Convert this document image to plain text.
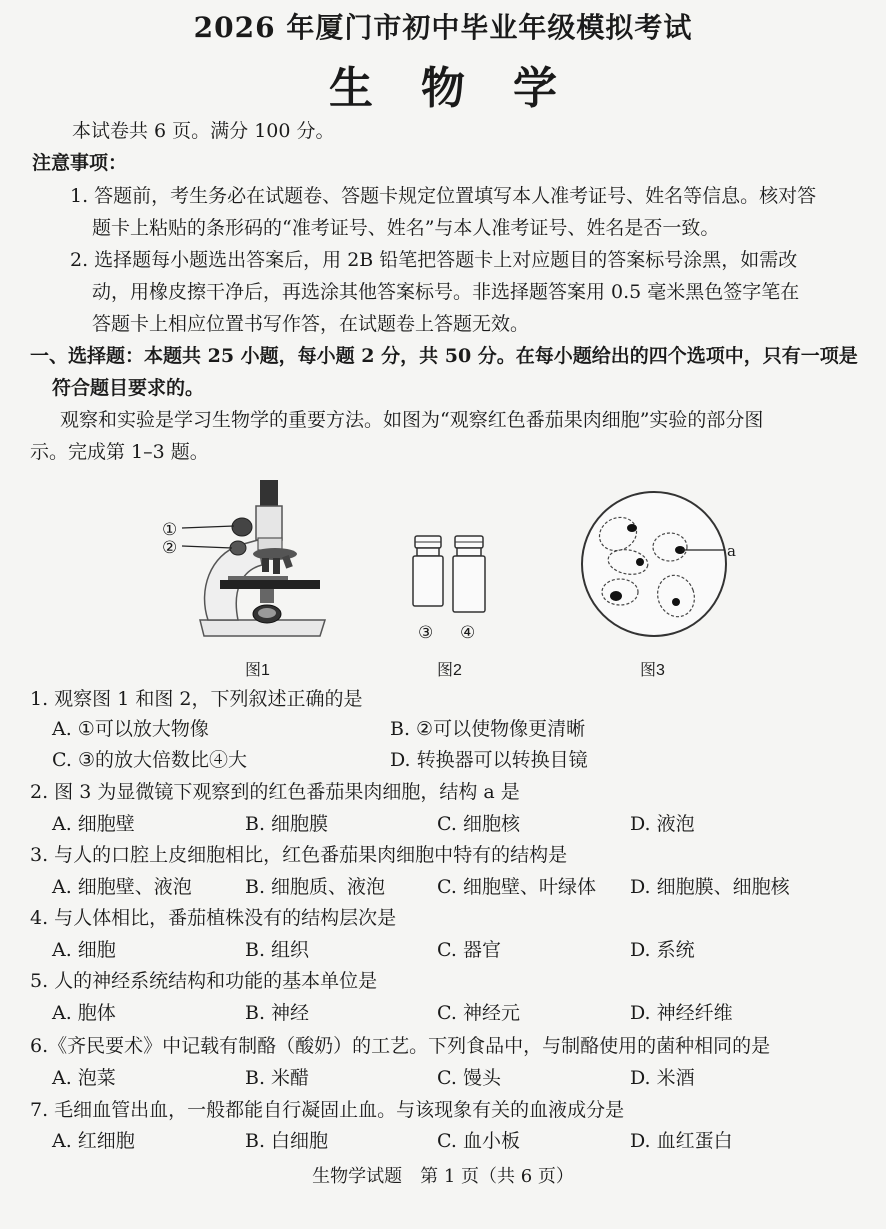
2026 年厦门市初中毕业年级模拟考试
生物学
本试卷共 6 页。满分 100 分。
注意事项：
1. 答题前，考生务必在试题卷、答题卡规定位置填写本人准考证号、姓名等信息。核对答
题卡上粘贴的条形码的“准考证号、姓名”与本人准考证号、姓名是否一致。
2. 选择题每小题选出答案后，用 2B 铅笔把答题卡上对应题目的答案标号涂黑，如需改
动，用橡皮擦干净后，再选涂其他答案标号。非选择题答案用 0.5 毫米黑色签字笔在
答题卡上相应位置书写作答，在试题卷上答题无效。
一、选择题：本题共 25 小题，每小题 2 分，共 50 分。在每小题给出的四个选项中，只有一项是
符合题目要求的。
观察和实验是学习生物学的重要方法。如图为“观察红色番茄果肉细胞”实验的部分图
示。完成第 1–3 题。
①
②
图1
③ ④
图2
a
图3
1. 观察图 1 和图 2，下列叙述正确的是
A. ①可以放大物像	B. ②可以使物像更清晰
C. ③的放大倍数比④大	D. 转换器可以转换目镜
2. 图 3 为显微镜下观察到的红色番茄果肉细胞，结构 a 是
A. 细胞壁	B. 细胞膜	C. 细胞核	D. 液泡
3. 与人的口腔上皮细胞相比，红色番茄果肉细胞中特有的结构是
A. 细胞壁、液泡	B. 细胞质、液泡	C. 细胞壁、叶绿体 D. 细胞膜、细胞核
4. 与人体相比，番茄植株没有的结构层次是
A. 细胞	B. 组织	C. 器官	D. 系统
5. 人的神经系统结构和功能的基本单位是
A. 胞体	B. 神经	C. 神经元	D. 神经纤维
6.《齐民要术》中记载有制酪（酸奶）的工艺。下列食品中，与制酪使用的菌种相同的是
A. 泡菜	B. 米醋	C. 馒头	D. 米酒
7. 毛细血管出血，一般都能自行凝固止血。与该现象有关的血液成分是
A. 红细胞	B. 白细胞	C. 血小板	D. 血红蛋白
生物学试题　第 1 页（共 6 页）
